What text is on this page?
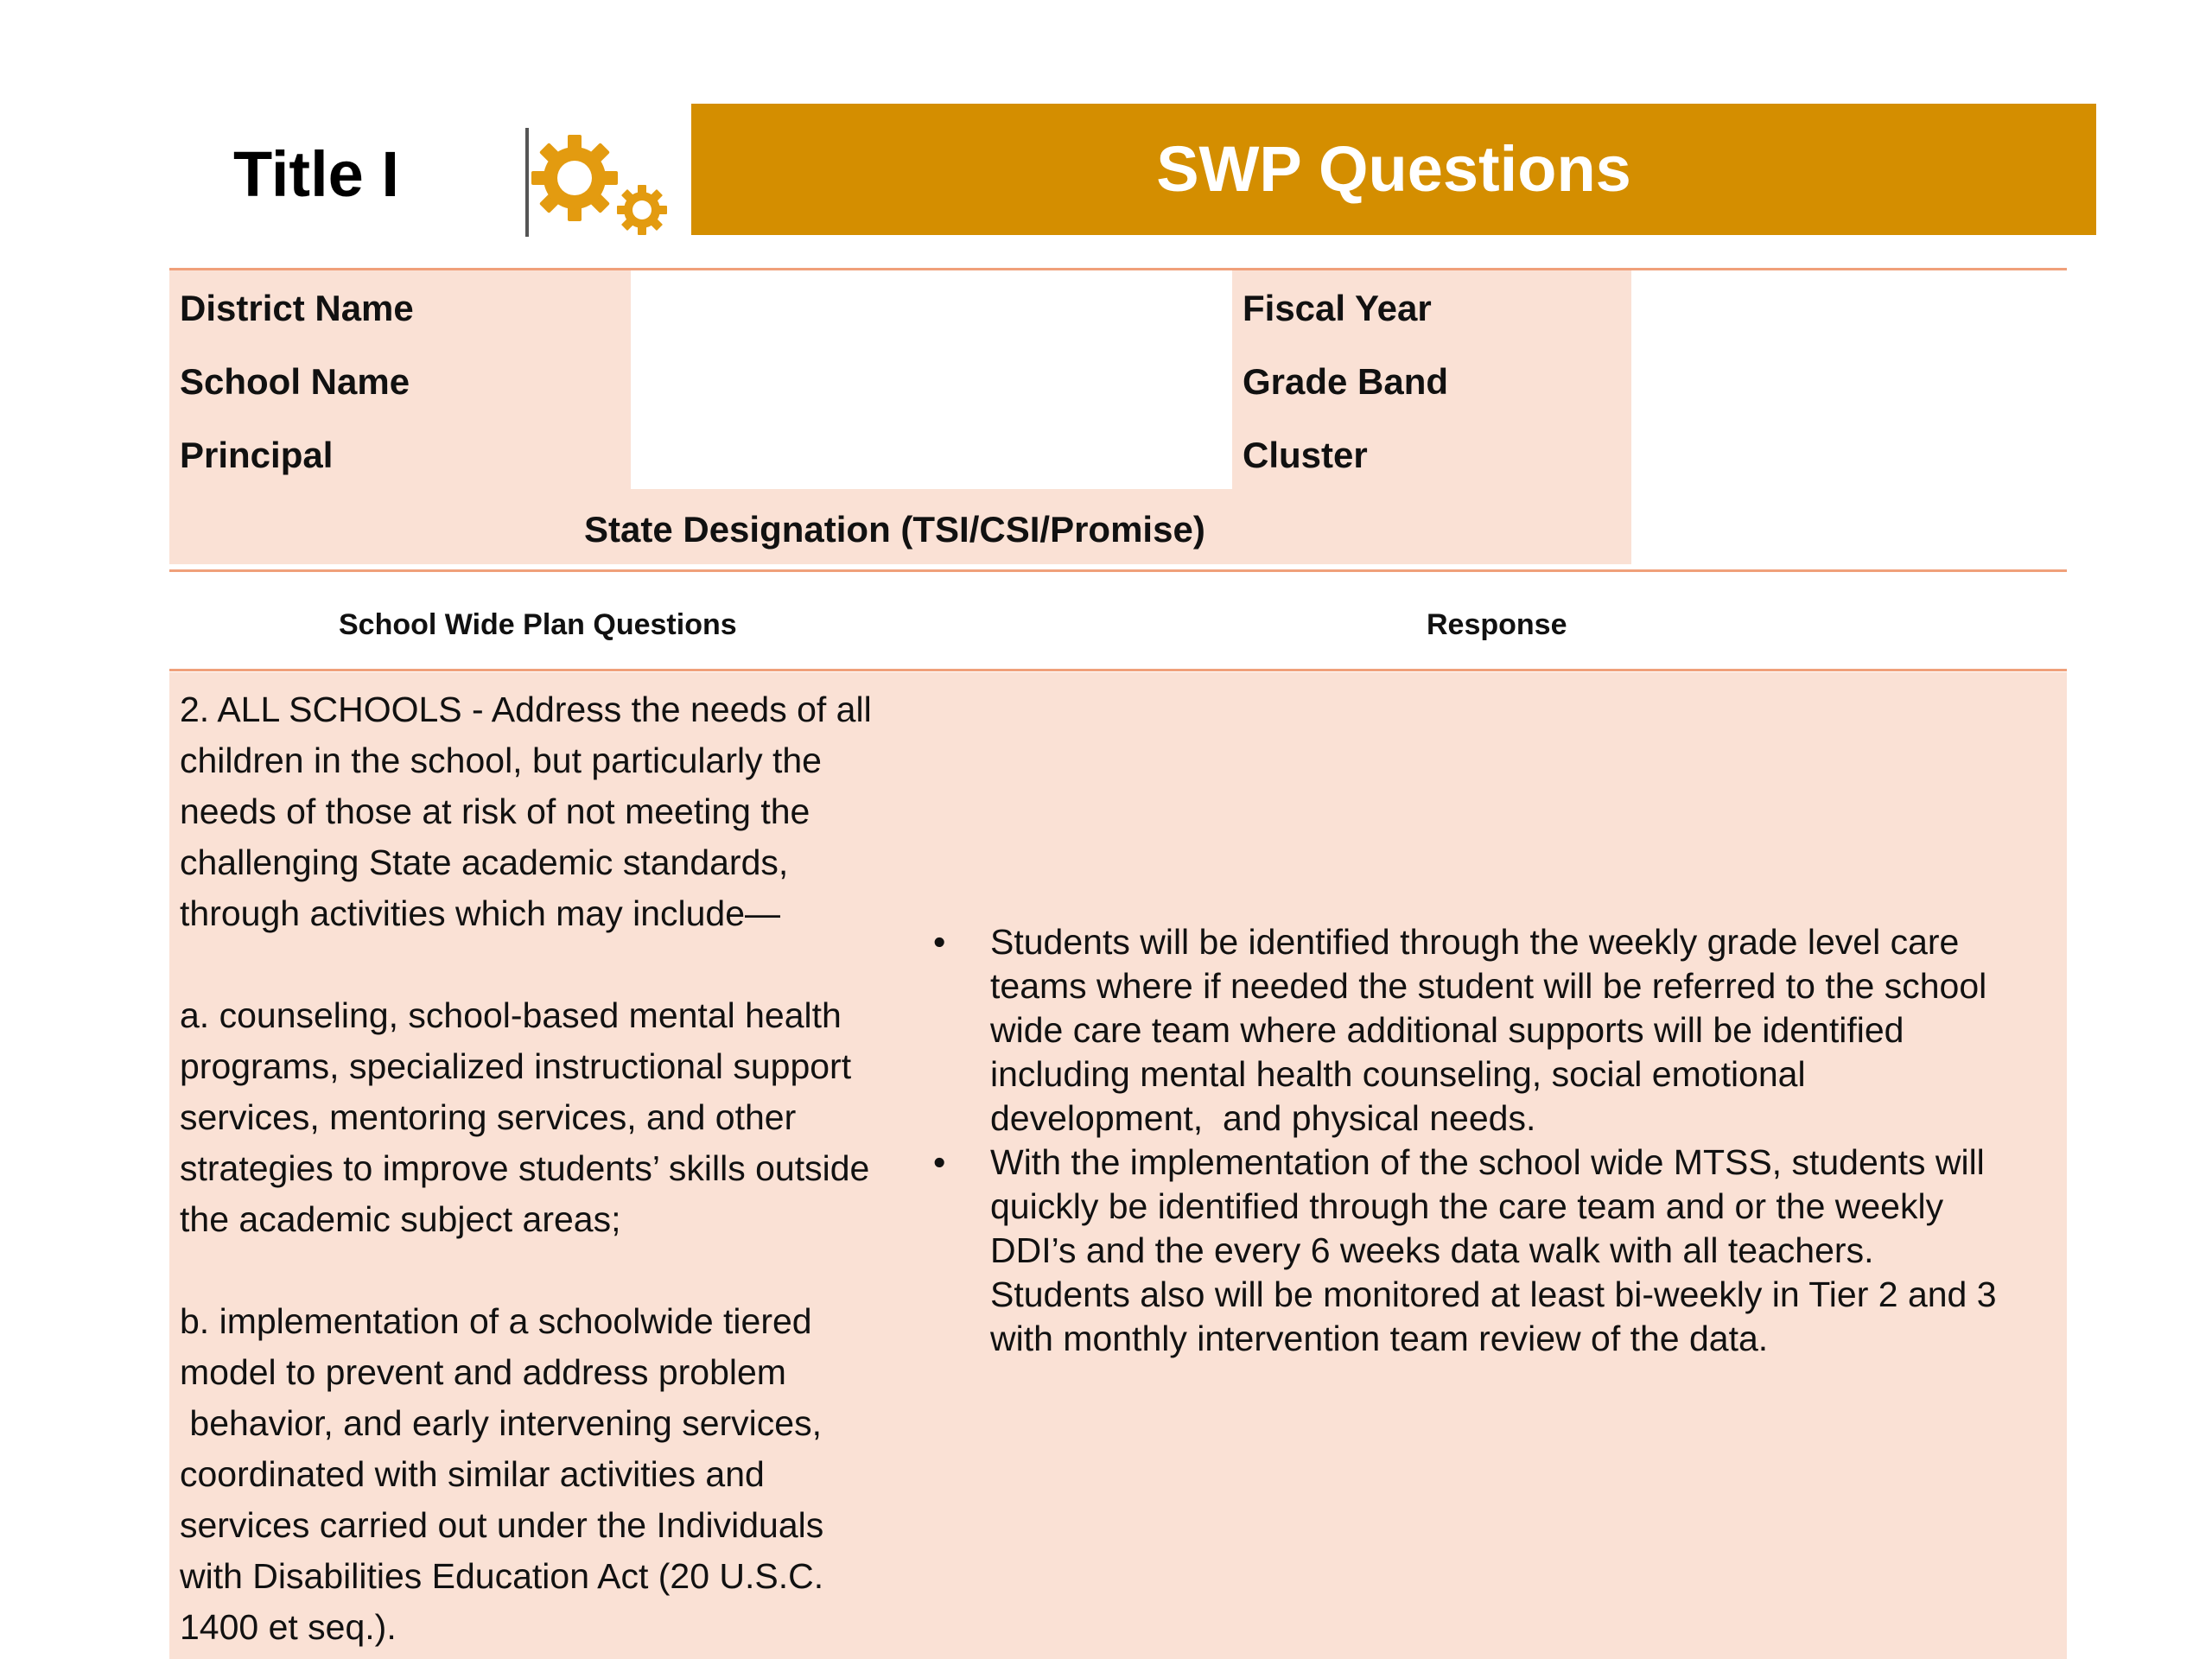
Title I	SWP Questions
District Name
School Name
Principal
Fiscal Year
Grade Band
Cluster
State Designation (TSI/CSI/Promise)
School Wide Plan Questions	Response

2. ALL SCHOOLS - Address the needs of all

children in the school, but particularly the

needs of those at risk of not meeting the

challenging State academic standards,

through activities which may include—

a. counseling, school-based mental health

programs, specialized instructional support

services, mentoring services, and other

strategies to improve students’ skills outside

the academic subject areas;

b. implementation of a schoolwide tiered

model to prevent and address problem

behavior, and early intervening services,

coordinated with similar activities and

services carried out under the Individuals

with Disabilities Education Act (20 U.S.C.

1400 et seq.).

• Students will be identified through the weekly grade level care

teams where if needed the student will be referred to the school

wide care team where additional supports will be identified

including mental health counseling, social emotional

development,  and physical needs.

• With the implementation of the school wide MTSS, students will

quickly be identified through the care team and or the weekly

DDI’s and the every 6 weeks data walk with all teachers.

Students also will be monitored at least bi-weekly in Tier 2 and 3

with monthly intervention team review of the data.
